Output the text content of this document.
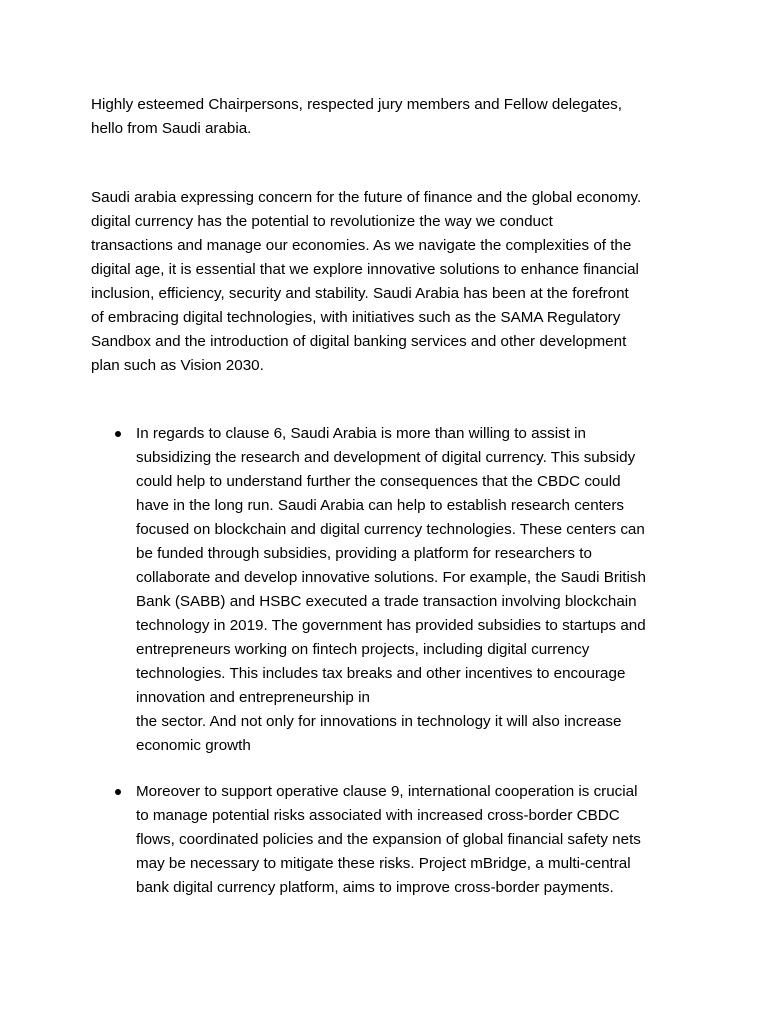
Highly esteemed Chairpersons, respected jury members and Fellow delegates,
hello from Saudi arabia.
Saudi arabia expressing concern for the future of finance and the global economy.
digital currency has the potential to revolutionize the way we conduct
transactions and manage our economies. As we navigate the complexities of the
digital age, it is essential that we explore innovative solutions to enhance financial
inclusion, efficiency, security and stability. Saudi Arabia has been at the forefront
of embracing digital technologies, with initiatives such as the SAMA Regulatory
Sandbox and the introduction of digital banking services and other development
plan such as Vision 2030.
In regards to clause 6, Saudi Arabia is more than willing to assist in
subsidizing the research and development of digital currency. This subsidy
could help to understand further the consequences that the CBDC could
have in the long run. Saudi Arabia can help to establish research centers
focused on blockchain and digital currency technologies. These centers can
be funded through subsidies, providing a platform for researchers to
collaborate and develop innovative solutions. For example, the Saudi British
Bank (SABB) and HSBC executed a trade transaction involving blockchain
technology in 2019. The government has provided subsidies to startups and
entrepreneurs working on fintech projects, including digital currency
technologies. This includes tax breaks and other incentives to encourage
innovation and entrepreneurship in
the sector. And not only for innovations in technology it will also increase
economic growth
Moreover to support operative clause 9, international cooperation is crucial
to manage potential risks associated with increased cross-border CBDC
flows, coordinated policies and the expansion of global financial safety nets
may be necessary to mitigate these risks. Project mBridge, a multi-central
bank digital currency platform, aims to improve cross-border payments.
